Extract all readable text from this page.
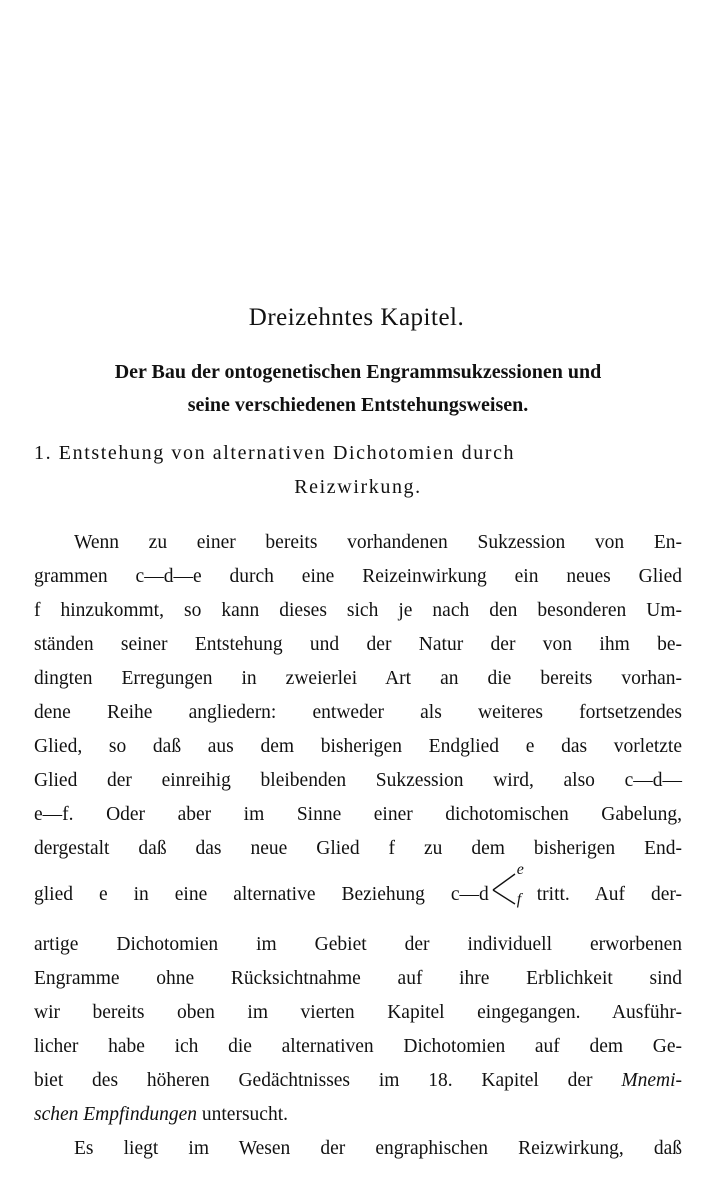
Dreizehntes Kapitel.
Der Bau der ontogenetischen Engrammsukzessionen und
seine verschiedenen Entstehungsweisen.
1. Entstehung von alternativen Dichotomien durch
Reizwirkung.
Wenn zu einer bereits vorhandenen Sukzession von En-
grammen c—d—e durch eine Reizeinwirkung ein neues Glied
f hinzukommt, so kann dieses sich je nach den besonderen Um-
ständen seiner Entstehung und der Natur der von ihm be-
dingten Erregungen in zweierlei Art an die bereits vorhan-
dene Reihe angliedern: entweder als weiteres fortsetzendes
Glied, so daß aus dem bisherigen Endglied e das vorletzte
Glied der einreihig bleibenden Sukzession wird, also c—d—
e—f. Oder aber im Sinne einer dichotomischen Gabelung,
dergestalt daß das neue Glied f zu dem bisherigen End-
glied e in eine alternative Beziehung c—d
e
f tritt. Auf der-
artige Dichotomien im Gebiet der individuell erworbenen
Engramme ohne Rücksichtnahme auf ihre Erblichkeit sind
wir bereits oben im vierten Kapitel eingegangen. Ausführ-
licher habe ich die alternativen Dichotomien auf dem Ge-
biet des höheren Gedächtnisses im 18. Kapitel der Mnemi-
schen Empfindungen untersucht.
Es liegt im Wesen der engraphischen Reizwirkung, daß
